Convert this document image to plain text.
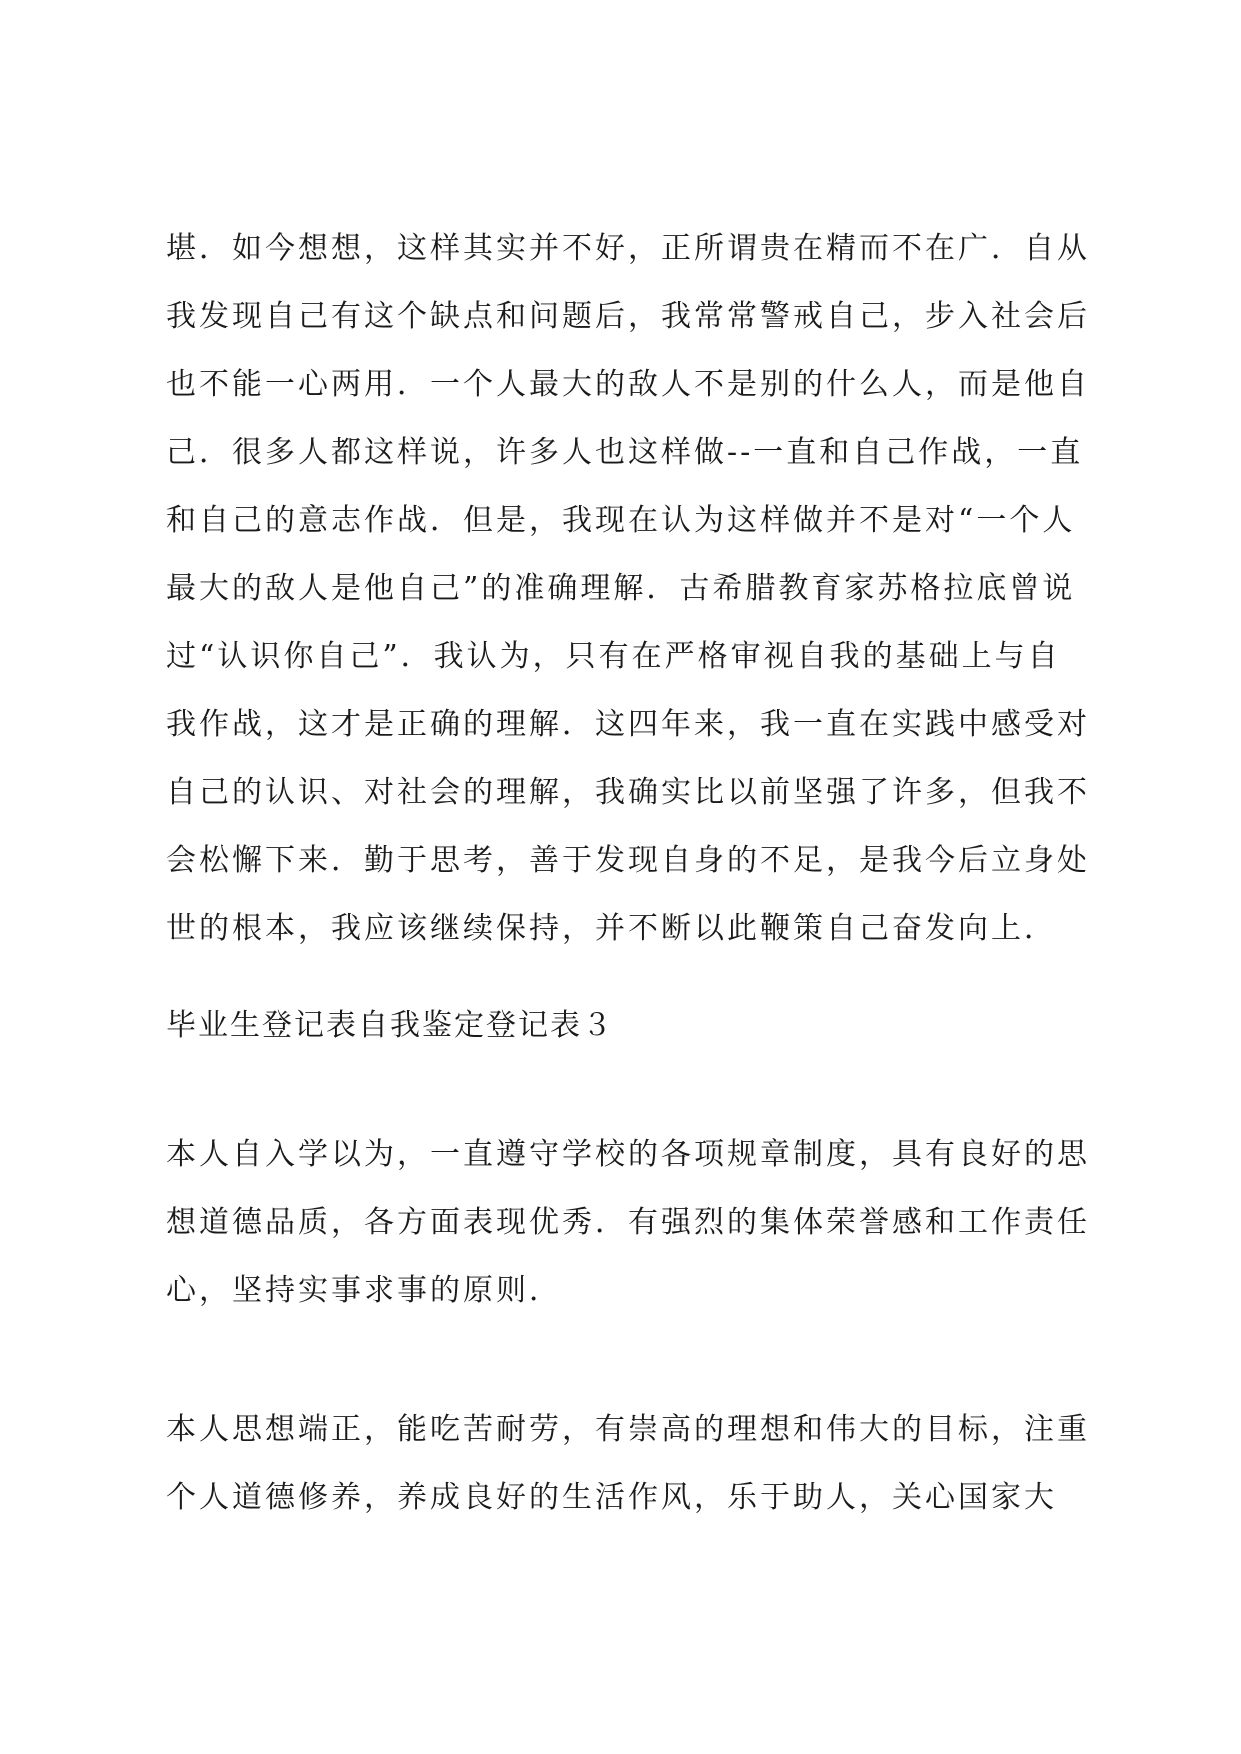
堪．如今想想，这样其实并不好，正所谓贵在精而不在广．自从
我发现自己有这个缺点和问题后，我常常警戒自己，步入社会后
也不能一心两用．一个人最大的敌人不是别的什么人，而是他自
己．很多人都这样说，许多人也这样做--一直和自己作战，一直
和自己的意志作战．但是，我现在认为这样做并不是对“一个人
最大的敌人是他自己”的准确理解．古希腊教育家苏格拉底曾说
过“认识你自己”．我认为，只有在严格审视自我的基础上与自
我作战，这才是正确的理解．这四年来，我一直在实践中感受对
自己的认识、对社会的理解，我确实比以前坚强了许多，但我不
会松懈下来．勤于思考，善于发现自身的不足，是我今后立身处
世的根本，我应该继续保持，并不断以此鞭策自己奋发向上．

毕业生登记表自我鉴定登记表３

本人自入学以为，一直遵守学校的各项规章制度，具有良好的思
想道德品质，各方面表现优秀．有强烈的集体荣誉感和工作责任
心，坚持实事求事的原则．

本人思想端正，能吃苦耐劳，有崇高的理想和伟大的目标，注重
个人道德修养，养成良好的生活作风，乐于助人，关心国家大
